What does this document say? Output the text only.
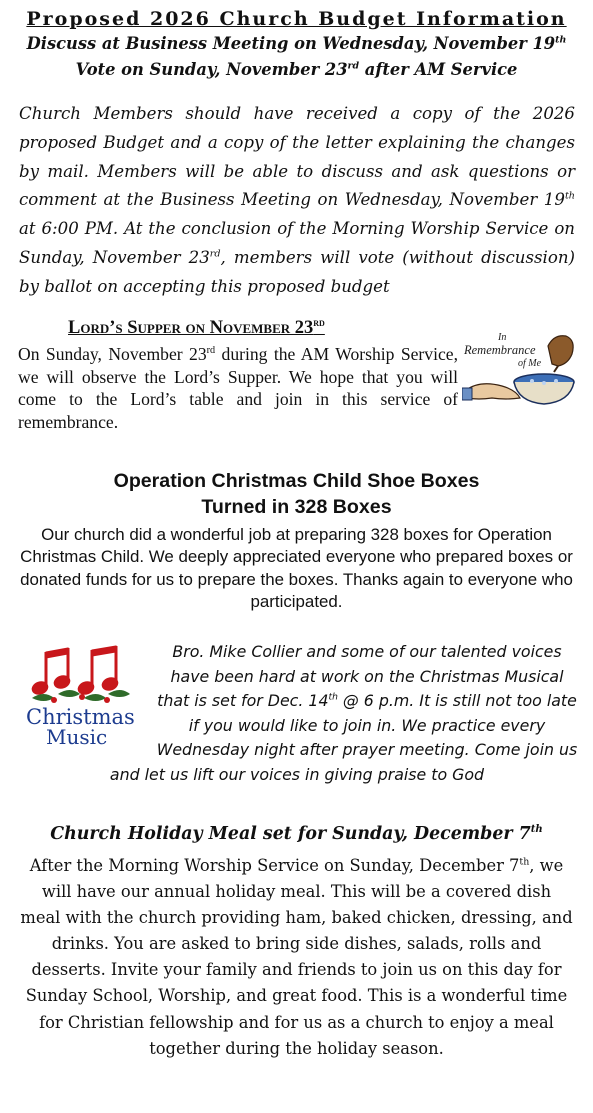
Proposed 2026 Church Budget Information
Discuss at Business Meeting on Wednesday, November 19th
Vote on Sunday, November 23rd after AM Service
Church Members should have received a copy of the 2026 proposed Budget and a copy of the letter explaining the changes by mail. Members will be able to discuss and ask questions or comment at the Business Meeting on Wednesday, November 19th at 6:00 PM. At the conclusion of the Morning Worship Service on Sunday, November 23rd, members will vote (without discussion) by ballot on accepting this proposed budget
Lord’s Supper on November 23rd
On Sunday, November 23rd during the AM Worship Service, we will observe the Lord’s Supper. We hope that you will come to the Lord’s table and join in this service of remembrance.
In
Remembrance
of Me
Operation Christmas Child Shoe Boxes
Turned in 328 Boxes
Our church did a wonderful job at preparing 328 boxes for Operation Christmas Child. We deeply appreciated everyone who prepared boxes or donated funds for us to prepare the boxes. Thanks again to everyone who participated.
Christmas
Music
Bro. Mike Collier and some of our talented voices have been hard at work on the Christmas Musical that is set for Dec. 14th @ 6 p.m. It is still not too late if you would like to join in. We practice every Wednesday night after prayer meeting. Come join us and let us lift our voices in giving praise to God
Church Holiday Meal set for Sunday, December 7th
After the Morning Worship Service on Sunday, December 7th, we will have our annual holiday meal. This will be a covered dish meal with the church providing ham, baked chicken, dressing, and drinks. You are asked to bring side dishes, salads, rolls and desserts. Invite your family and friends to join us on this day for Sunday School, Worship, and great food. This is a wonderful time for Christian fellowship and for us as a church to enjoy a meal together during the holiday season.
